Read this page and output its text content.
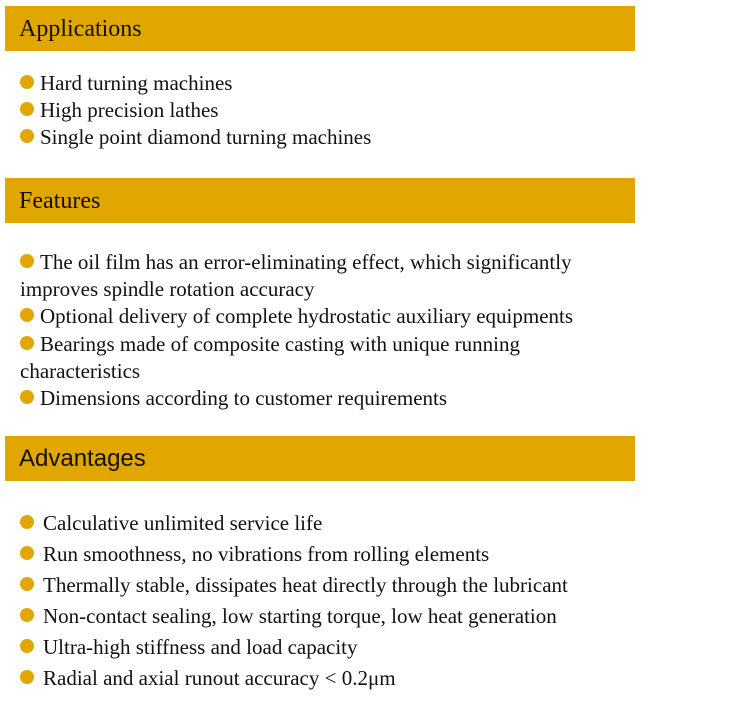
Applications
Hard turning machines
High precision lathes
Single point diamond turning machines
Features
The oil film has an error-eliminating effect, which significantly improves spindle rotation accuracy
Optional delivery of complete hydrostatic auxiliary equipments
Bearings made of composite casting with unique running characteristics
Dimensions according to customer requirements
Advantages
Calculative unlimited service life
Run smoothness, no vibrations from rolling elements
Thermally stable, dissipates heat directly through the lubricant
Non-contact sealing, low starting torque, low heat generation
Ultra-high stiffness and load capacity
Radial and axial runout accuracy < 0.2μm
